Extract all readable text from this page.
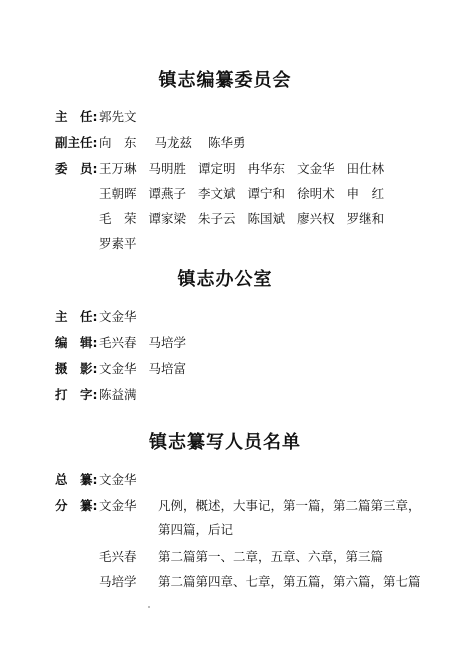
镇志编纂委员会
主　任: 郭先文
副主任: 向　东 马龙兹 陈华勇
委　员: 王万琳 马明胜 谭定明 冉华东 文金华 田仕林
王朝晖 谭燕子 李文斌 谭宁和 徐明术 申　红
毛　荣 谭家梁 朱子云 陈国斌 廖兴权 罗继和
罗素平
镇志办公室
主　任: 文金华
编　辑: 毛兴春 马培学
摄　影: 文金华 马培富
打　字: 陈益满
镇志纂写人员名单
总　纂: 文金华
分　纂: 文金华 凡例，概述，大事记，第一篇，第二篇第三章，
第四篇，后记
毛兴春 第二篇第一、二章，五章、六章，第三篇
马培学 第二篇第四章、七章，第五篇，第六篇，第七篇
